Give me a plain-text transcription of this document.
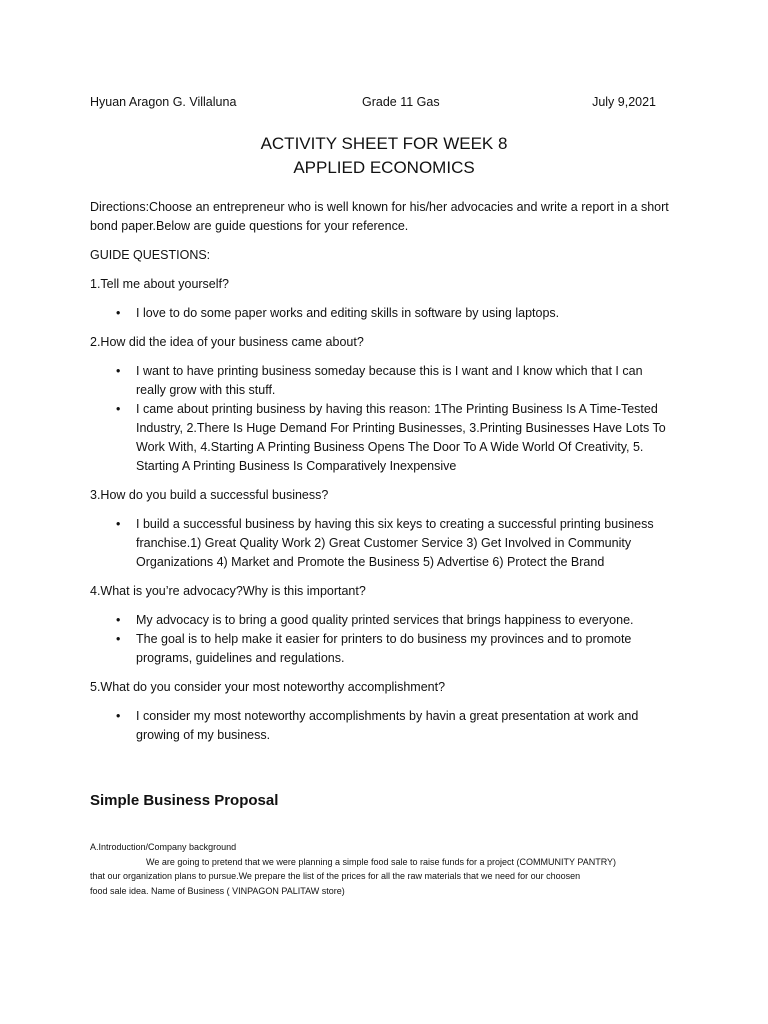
Hyuan Aragon G. Villaluna	Grade 11 Gas	July 9,2021
ACTIVITY SHEET FOR WEEK 8
APPLIED ECONOMICS

Directions:Choose an entrepreneur who is well known for his/her advocacies and write a report in a short bond paper.Below are guide questions for your reference.

GUIDE QUESTIONS:

1.Tell me about yourself?

• I love to do some paper works and editing skills in software by using laptops.

2.How did the idea of your business came about?

• I want to have printing business someday because this is I want and I know which that I can really grow with this stuff.
• I came about printing business by having this reason: 1The Printing Business Is A Time-Tested Industry, 2.There Is Huge Demand For Printing Businesses, 3.Printing Businesses Have Lots To Work With, 4.Starting A Printing Business Opens The Door To A Wide World Of Creativity, 5. Starting A Printing Business Is Comparatively Inexpensive

3.How do you build a successful business?

• I build a successful business by having this six keys to creating a successful printing business franchise.1) Great Quality Work 2) Great Customer Service 3) Get Involved in Community Organizations 4) Market and Promote the Business 5) Advertise 6) Protect the Brand

4.What is you’re advocacy?Why is this important?

• My advocacy is to bring a good quality printed services that brings happiness to everyone.
• The goal is to help make it easier for printers to do business my provinces and to promote programs, guidelines and regulations.

5.What do you consider your most noteworthy accomplishment?

• I consider my most noteworthy accomplishments by havin a great presentation at work and growing of my business.
Simple Business Proposal
A.Introduction/Company background
We are going to pretend that we were planning a simple food sale to raise funds for a project (COMMUNITY PANTRY)
that our organization plans to pursue.We prepare the list of the prices for all the raw materials that we need for our choosen
food sale idea. Name of Business ( VINPAGON PALITAW store)
